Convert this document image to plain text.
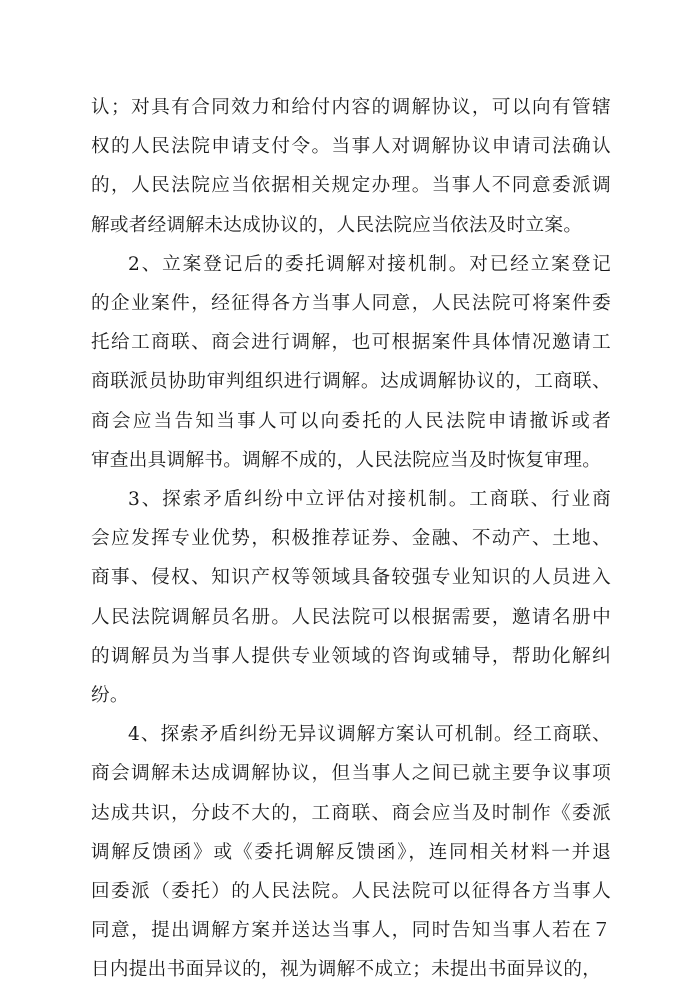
认；对具有合同效力和给付内容的调解协议，可以向有管辖
权的人民法院申请支付令。当事人对调解协议申请司法确认
的，人民法院应当依据相关规定办理。当事人不同意委派调
解或者经调解未达成协议的，人民法院应当依法及时立案。
2、立案登记后的委托调解对接机制。对已经立案登记
的企业案件，经征得各方当事人同意，人民法院可将案件委
托给工商联、商会进行调解，也可根据案件具体情况邀请工
商联派员协助审判组织进行调解。达成调解协议的，工商联、
商会应当告知当事人可以向委托的人民法院申请撤诉或者
审查出具调解书。调解不成的，人民法院应当及时恢复审理。
3、探索矛盾纠纷中立评估对接机制。工商联、行业商
会应发挥专业优势，积极推荐证券、金融、不动产、土地、
商事、侵权、知识产权等领域具备较强专业知识的人员进入
人民法院调解员名册。人民法院可以根据需要，邀请名册中
的调解员为当事人提供专业领域的咨询或辅导，帮助化解纠
纷。
4、探索矛盾纠纷无异议调解方案认可机制。经工商联、
商会调解未达成调解协议，但当事人之间已就主要争议事项
达成共识，分歧不大的，工商联、商会应当及时制作《委派
调解反馈函》或《委托调解反馈函》，连同相关材料一并退
回委派（委托）的人民法院。人民法院可以征得各方当事人
同意，提出调解方案并送达当事人，同时告知当事人若在７
日内提出书面异议的，视为调解不成立；未提出书面异议的，
